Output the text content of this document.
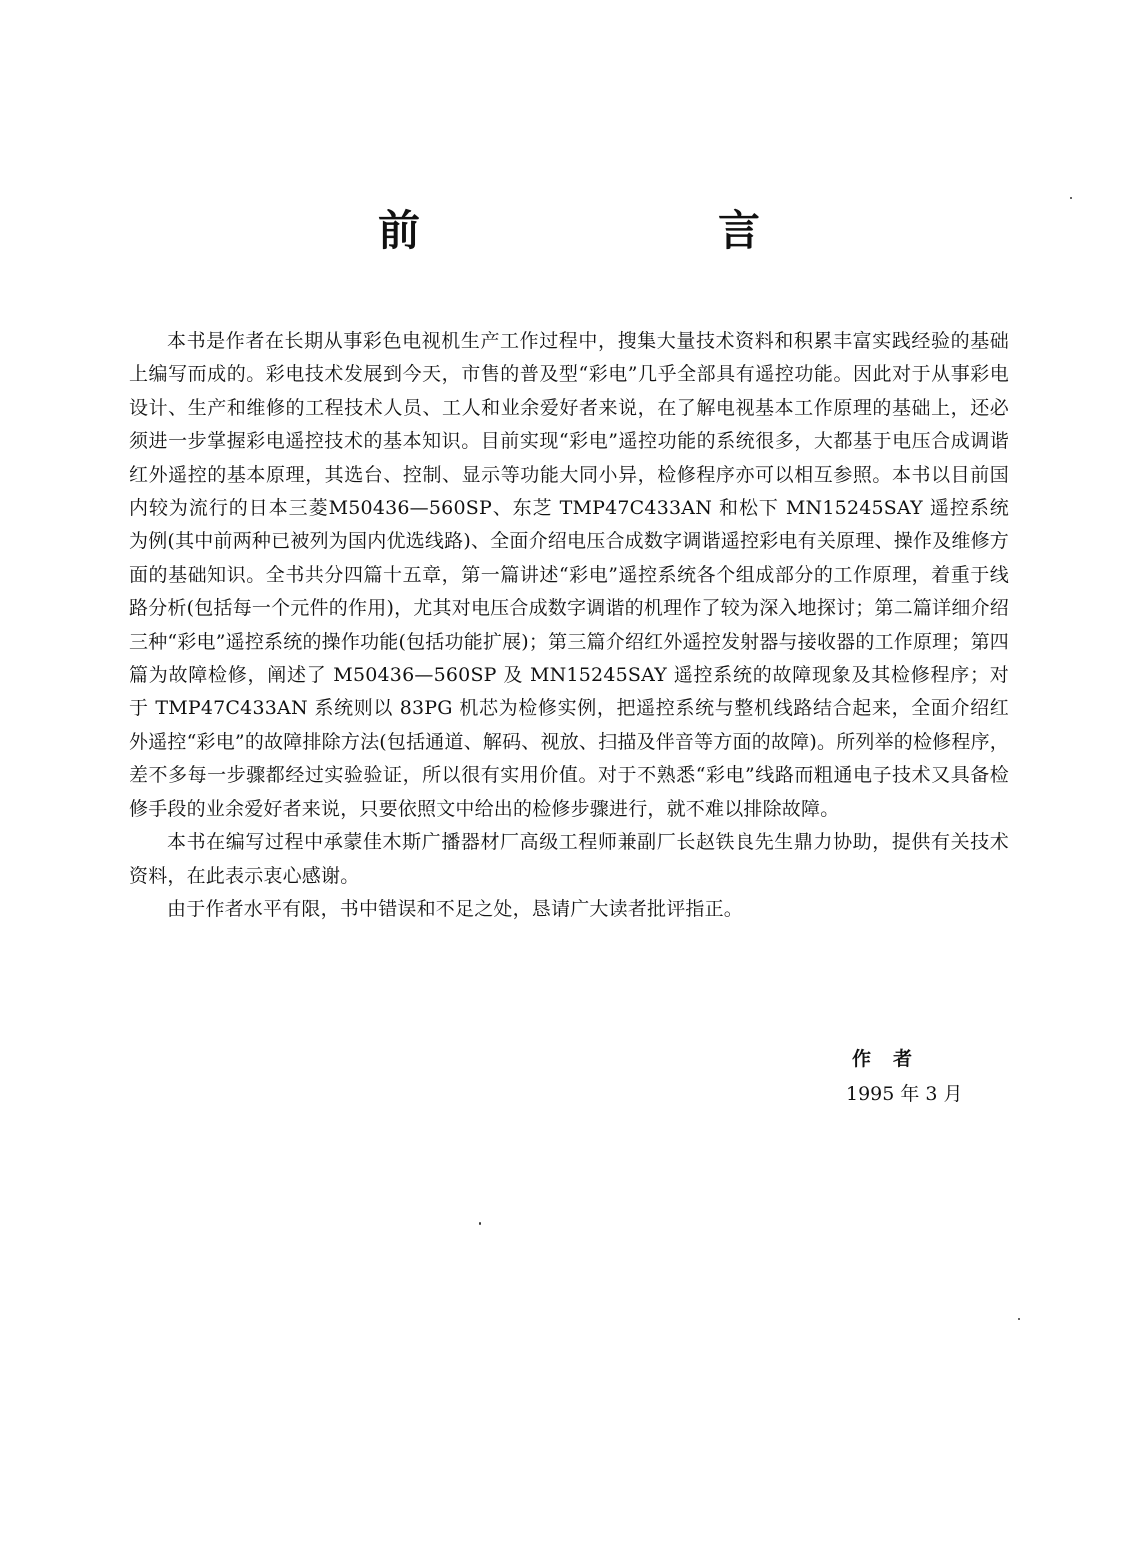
前　言

本书是作者在长期从事彩色电视机生产工作过程中，搜集大量技术资料和积累丰富实践经验的基础上编写而成的。彩电技术发展到今天，市售的普及型“彩电”几乎全部具有遥控功能。因此对于从事彩电设计、生产和维修的工程技术人员、工人和业余爱好者来说，在了解电视基本工作原理的基础上，还必须进一步掌握彩电遥控技术的基本知识。目前实现“彩电”遥控功能的系统很多，大都基于电压合成调谐红外遥控的基本原理，其选台、控制、显示等功能大同小异，检修程序亦可以相互参照。本书以目前国内较为流行的日本三菱M50436—560SP、东芝 TMP47C433AN 和松下 MN15245SAY 遥控系统为例(其中前两种已被列为国内优选线路)、全面介绍电压合成数字调谐遥控彩电有关原理、操作及维修方面的基础知识。全书共分四篇十五章，第一篇讲述“彩电”遥控系统各个组成部分的工作原理，着重于线路分析(包括每一个元件的作用)，尤其对电压合成数字调谐的机理作了较为深入地探讨；第二篇详细介绍三种“彩电”遥控系统的操作功能(包括功能扩展)；第三篇介绍红外遥控发射器与接收器的工作原理；第四篇为故障检修，阐述了 M50436—560SP 及 MN15245SAY 遥控系统的故障现象及其检修程序；对于 TMP47C433AN 系统则以 83PG 机芯为检修实例，把遥控系统与整机线路结合起来，全面介绍红外遥控“彩电”的故障排除方法(包括通道、解码、视放、扫描及伴音等方面的故障)。所列举的检修程序，差不多每一步骤都经过实验验证，所以很有实用价值。对于不熟悉“彩电”线路而粗通电子技术又具备检修手段的业余爱好者来说，只要依照文中给出的检修步骤进行，就不难以排除故障。

本书在编写过程中承蒙佳木斯广播器材厂高级工程师兼副厂长赵铁良先生鼎力协助，提供有关技术资料，在此表示衷心感谢。

由于作者水平有限，书中错误和不足之处，恳请广大读者批评指正。

作者
1995 年 3 月
